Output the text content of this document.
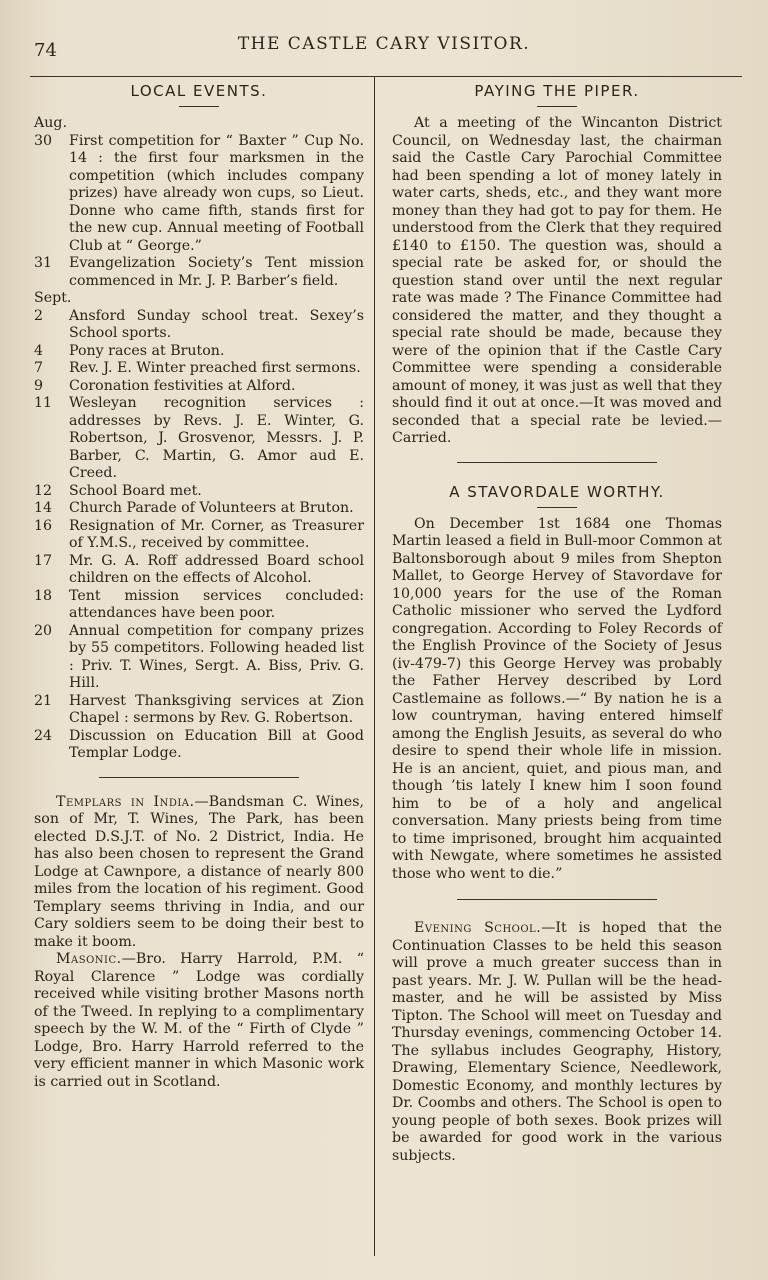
74	THE CASTLE CARY VISITOR.
LOCAL EVENTS.
Aug.
30	First competition for “ Baxter ” Cup No. 14 : the first four marksmen in the competition (which includes company prizes) have already won cups, so Lieut. Donne who came fifth, stands first for the new cup. Annual meeting of Football Club at “ George.”
31	Evangelization Society’s Tent mission commenced in Mr. J. P. Barber’s field.
Sept.
2	Ansford Sunday school treat. Sexey’s School sports.
4	Pony races at Bruton.
7	Rev. J. E. Winter preached first sermons.
9	Coronation festivities at Alford.
11	Wesleyan recognition services : addresses by Revs. J. E. Winter, G. Robertson, J. Grosvenor, Messrs. J. P. Barber, C. Martin, G. Amor aud E. Creed.
12	School Board met.
14	Church Parade of Volunteers at Bruton.
16	Resignation of Mr. Corner, as Treasurer of Y.M.S., received by committee.
17	Mr. G. A. Roff addressed Board school children on the effects of Alcohol.
18	Tent mission services concluded: attendances have been poor.
20	Annual competition for company prizes by 55 competitors. Following headed list : Priv. T. Wines, Sergt. A. Biss, Priv. G. Hill.
21	Harvest Thanksgiving services at Zion Chapel : sermons by Rev. G. Robertson.
24	Discussion on Education Bill at Good Templar Lodge.

Templars in India.—Bandsman C. Wines, son of Mr, T. Wines, The Park, has been elected D.S.J.T. of No. 2 District, India. He has also been chosen to represent the Grand Lodge at Cawnpore, a distance of nearly 800 miles from the location of his regiment. Good Templary seems thriving in India, and our Cary soldiers seem to be doing their best to make it boom.

Masonic.—Bro. Harry Harrold, P.M. “ Royal Clarence ” Lodge was cordially received while visiting brother Masons north of the Tweed. In replying to a complimentary speech by the W. M. of the “ Firth of Clyde ” Lodge, Bro. Harry Harrold referred to the very efficient manner in which Masonic work is carried out in Scotland.

PAYING THE PIPER.

At a meeting of the Wincanton District Council, on Wednesday last, the chairman said the Castle Cary Parochial Committee had been spending a lot of money lately in water carts, sheds, etc., and they want more money than they had got to pay for them. He understood from the Clerk that they required £140 to £150. The question was, should a special rate be asked for, or should the question stand over until the next regular rate was made ? The Finance Committee had considered the matter, and they thought a special rate should be made, because they were of the opinion that if the Castle Cary Committee were spending a considerable amount of money, it was just as well that they should find it out at once.—It was moved and seconded that a special rate be levied.—Carried.

A STAVORDALE WORTHY.

On December 1st 1684 one Thomas Martin leased a field in Bull-moor Common at Baltonsborough about 9 miles from Shepton Mallet, to George Hervey of Stavordave for 10,000 years for the use of the Roman Catholic missioner who served the Lydford congregation. According to Foley Records of the English Province of the Society of Jesus (iv-479-7) this George Hervey was probably the Father Hervey described by Lord Castlemaine as follows.—“ By nation he is a low countryman, having entered himself among the English Jesuits, as several do who desire to spend their whole life in mission. He is an ancient, quiet, and pious man, and though ’tis lately I knew him I soon found him to be of a holy and angelical conversation. Many priests being from time to time imprisoned, brought him acquainted with Newgate, where sometimes he assisted those who went to die.”

Evening School.—It is hoped that the Continuation Classes to be held this season will prove a much greater success than in past years. Mr. J. W. Pullan will be the head-master, and he will be assisted by Miss Tipton. The School will meet on Tuesday and Thursday evenings, commencing October 14. The syllabus includes Geography, History, Drawing, Elementary Science, Needlework, Domestic Economy, and monthly lectures by Dr. Coombs and others. The School is open to young people of both sexes. Book prizes will be awarded for good work in the various subjects.
